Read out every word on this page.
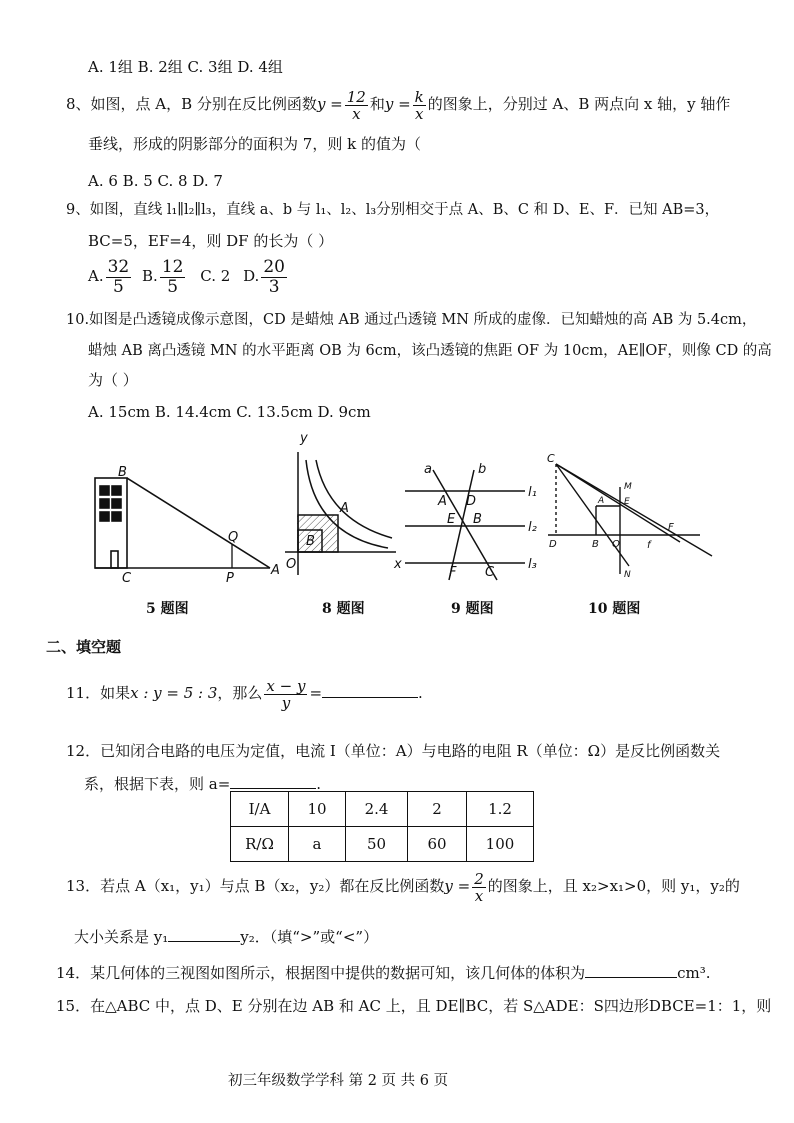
A. 1组 B. 2组 C. 3组 D. 4组
8、如图，点 A，B 分别在反比例函数$y = \frac{12}{x}$ 和$y = \frac{k}{x}$ 的图象上，分别过 A、B 两点向 x 轴，y 轴作
垂线，形成的阴影部分的面积为 7，则 k 的值为（
A. 6 B. 5 C. 8 D. 7
9、如图，直线 l₁∥l₂∥l₃，直线 a、b 与 l₁、l₂、l₃分别相交于点 A、B、C 和 D、E、F．已知 AB=3，
BC=5，EF=4，则 DF 的长为（ ）
A. $\frac{32}{5} B$. $\frac{12}{5} C$. 2 D. $\frac{20}{3}$
10.如图是凸透镜成像示意图，CD 是蜡烛 AB 通过凸透镜 MN 所成的虚像．已知蜡烛的高 AB 为 5.4cm，
蜡烛 AB 离凸透镜 MN 的水平距离 OB 为 6cm，该凸透镜的焦距 OF 为 10cm，AE∥OF，则像 CD 的高
为（ ）
A. 15cm B. 14.4cm C. 13.5cm D. 9cm
B
C
Q
P
A
y
x
O
A
B
a	b
A D
E B
F C
l₁
l₂
l₃
C
M
E
A
F
D	B O	f
N
5 题图	8 题图	9 题图	10 题图
二、填空题
11．如果x : y = 5 : 3，那么 $\frac{x - y}{y}$ =	.
12．已知闭合电路的电压为定值，电流 I（单位：A）与电路的电阻 R（单位：Ω）是反比例函数关
系，根据下表，则 a=	.
I/A	10	2.4	2	1.2
R/Ω	a	50	60	100
13．若点 A（x₁，y₁）与点 B（x₂，y₂）都在反比例函数$y = \frac{2}{x}$ 的图象上，且 x₂>x₁>0，则 y₁，y₂的
大小关系是 y₁	y₂．（填“>”或“<”）
14．某几何体的三视图如图所示，根据图中提供的数据可知，该几何体的体积为	cm³.
15．在△ABC 中，点 D、E 分别在边 AB 和 AC 上，且 DE∥BC，若 S△ADE：S四边形DBCE=1：1，则
初三年级数学学科 第 2 页 共 6 页
